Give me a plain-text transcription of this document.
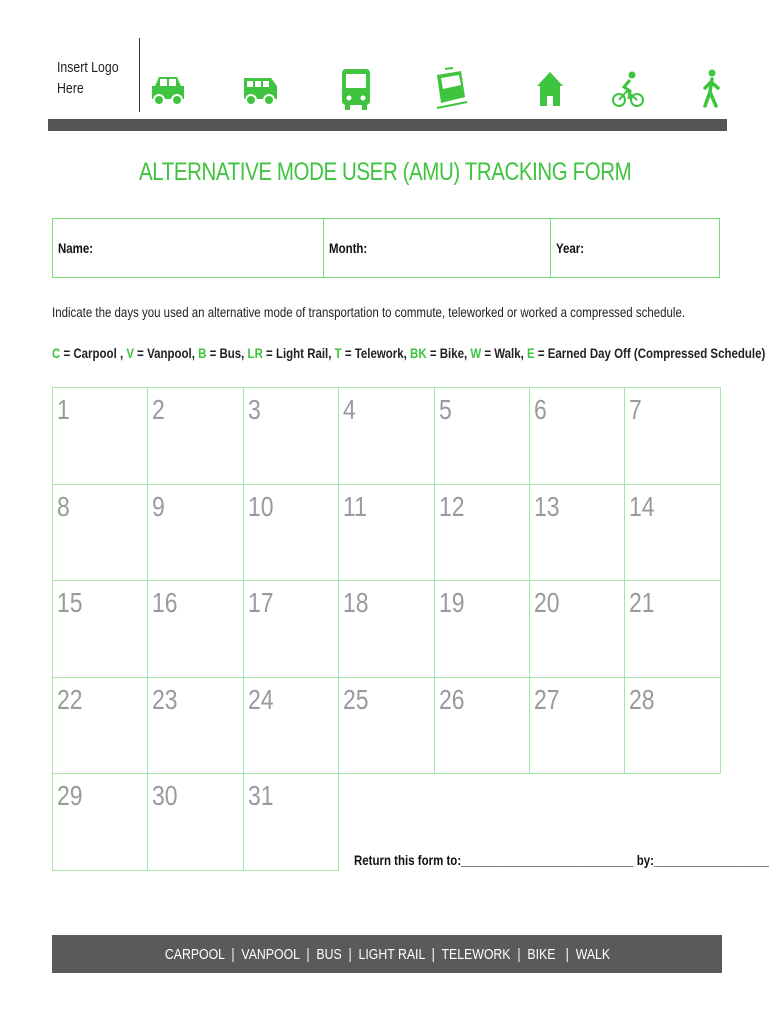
Insert Logo
Here
ALTERNATIVE MODE USER (AMU) TRACKING FORM
Name:	Month:	Year:
Indicate the days you used an alternative mode of transportation to commute, teleworked or worked a compressed schedule.
C = Carpool , V = Vanpool, B = Bus, LR = Light Rail, T = Telework, BK = Bike, W = Walk, E = Earned Day Off (Compressed Schedule)
1	2	3	4	5	6	7
8	9	10 11	12 13 14
15 16 17 18 19 20 21
22 23 24 25 26 27 28
29 30 31
Return this form to:___________________________ by:__________________
CARPOOL  |  VANPOOL  |  BUS  |  LIGHT RAIL  |  TELEWORK  |  BIKE   |  WALK
